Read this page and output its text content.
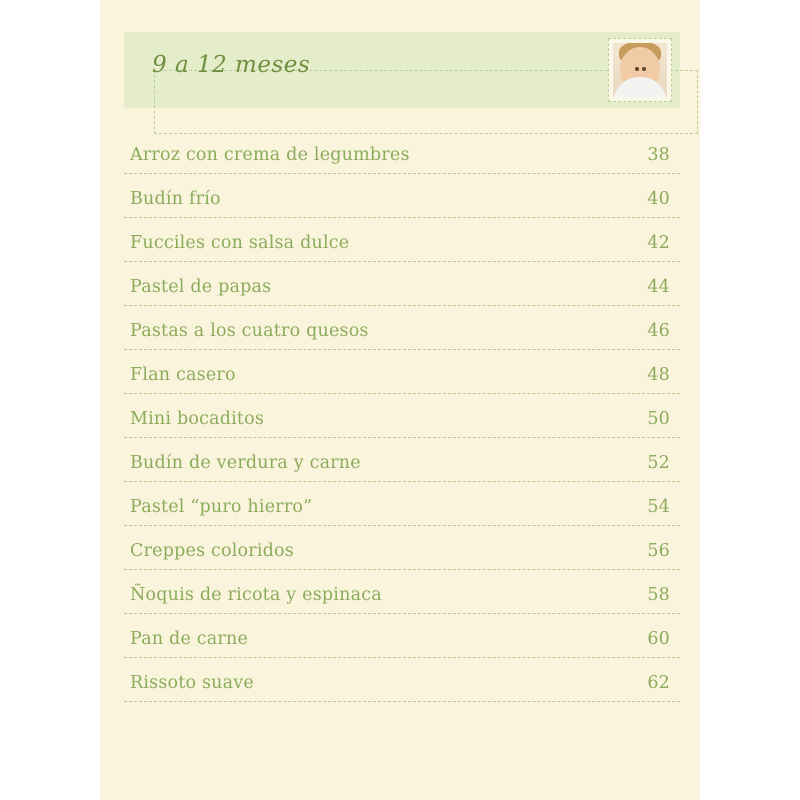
9 a 12 meses
Arroz con crema de legumbres	38
Budín frío	40
Fucciles con salsa dulce	42
Pastel de papas	44
Pastas a los cuatro quesos	46
Flan casero	48
Mini bocaditos	50
Budín de verdura y carne	52
Pastel “puro hierro”	54
Creppes coloridos	56
Ñoquis de ricota y espinaca	58
Pan de carne	60
Rissoto suave	62
